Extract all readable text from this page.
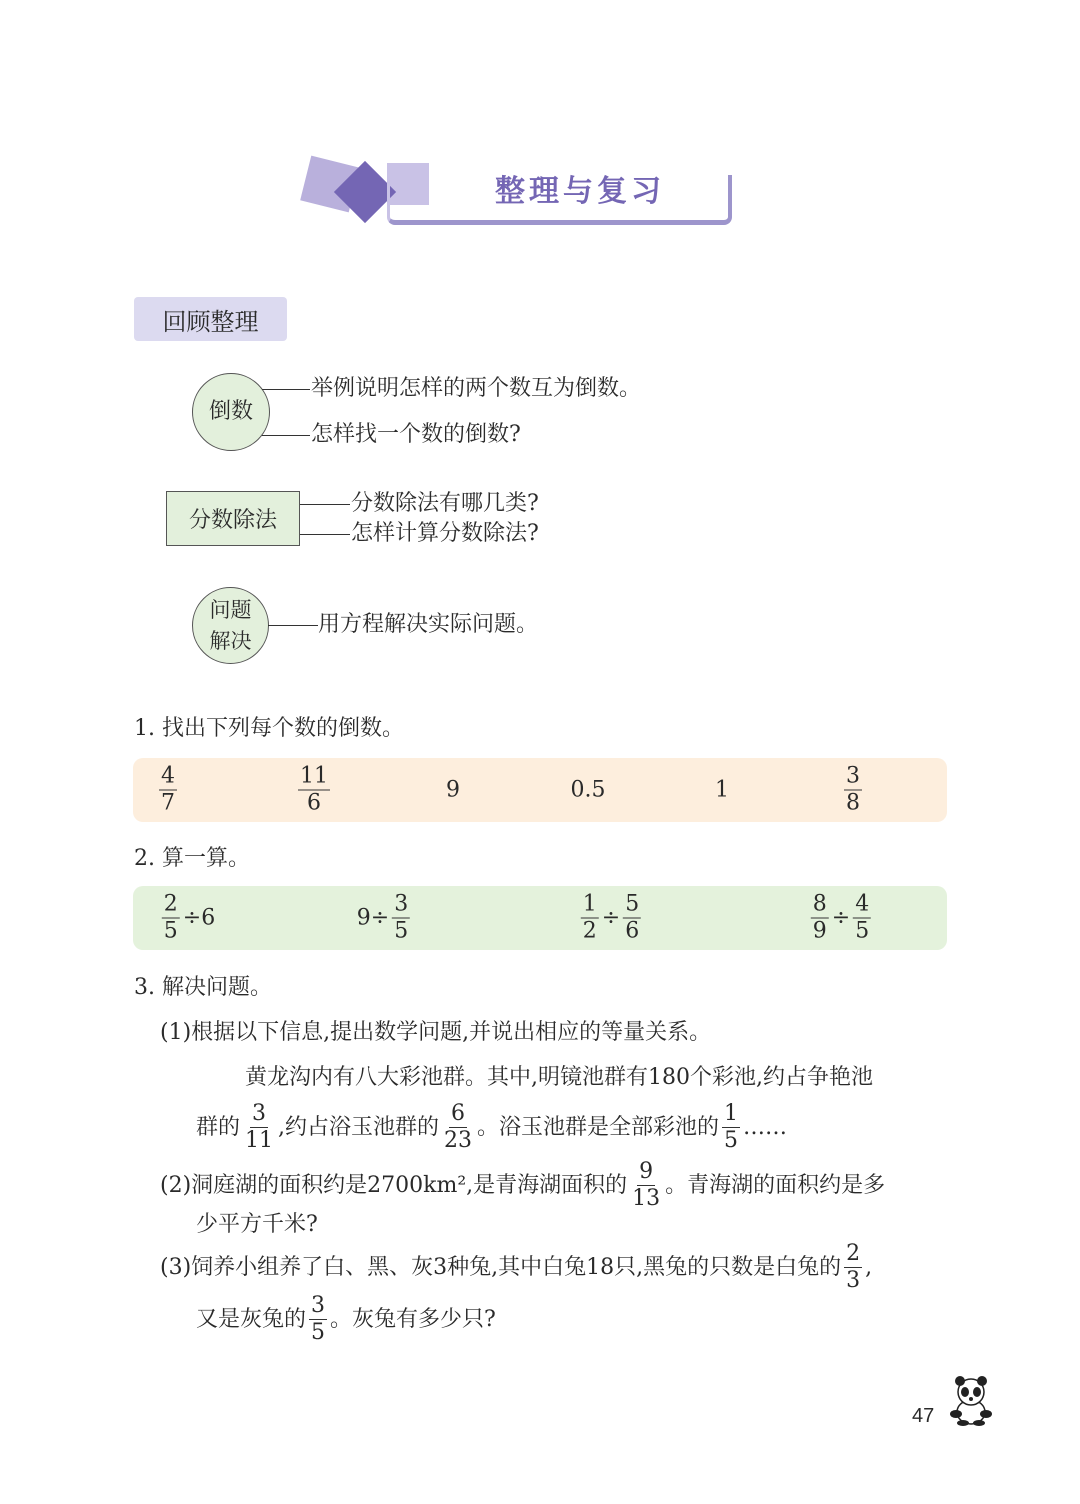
整理与复习
回顾整理
倒数
举例说明怎样的两个数互为倒数。
怎样找一个数的倒数?
分数除法
分数除法有哪几类?
怎样计算分数除法?
问题
解决
用方程解决实际问题。
1. 找出下列每个数的倒数。
$\frac{4}{7}$	$\frac{11}{6}$	9	0.5	1	$\frac{3}{8}$
2. 算一算。
$\frac{2}{5} \div 6$	$9\div \frac{3}{5}$	$\frac{1}{2} \div \frac{5}{6}$	$\frac{8}{9} \div \frac{4}{5}$
3. 解决问题。
(1)根据以下信息,提出数学问题,并说出相应的等量关系。
黄龙沟内有八大彩池群。其中,明镜池群有180个彩池,约占争艳池
群的 $\frac{3}{11}$ ,约占浴玉池群的 $\frac{6}{23}$ 。浴玉池群是全部彩池的 $\frac{1}{5}$ ……
(2)洞庭湖的面积约是2700km²,是青海湖面积的 $\frac{9}{13}$ 。青海湖的面积约是多
少平方千米?
(3)饲养小组养了白、黑、灰3种兔,其中白兔18只,黑兔的只数是白兔的 $\frac{2}{3}$ ,
又是灰兔的 $\frac{3}{5}$ 。灰兔有多少只?
47
